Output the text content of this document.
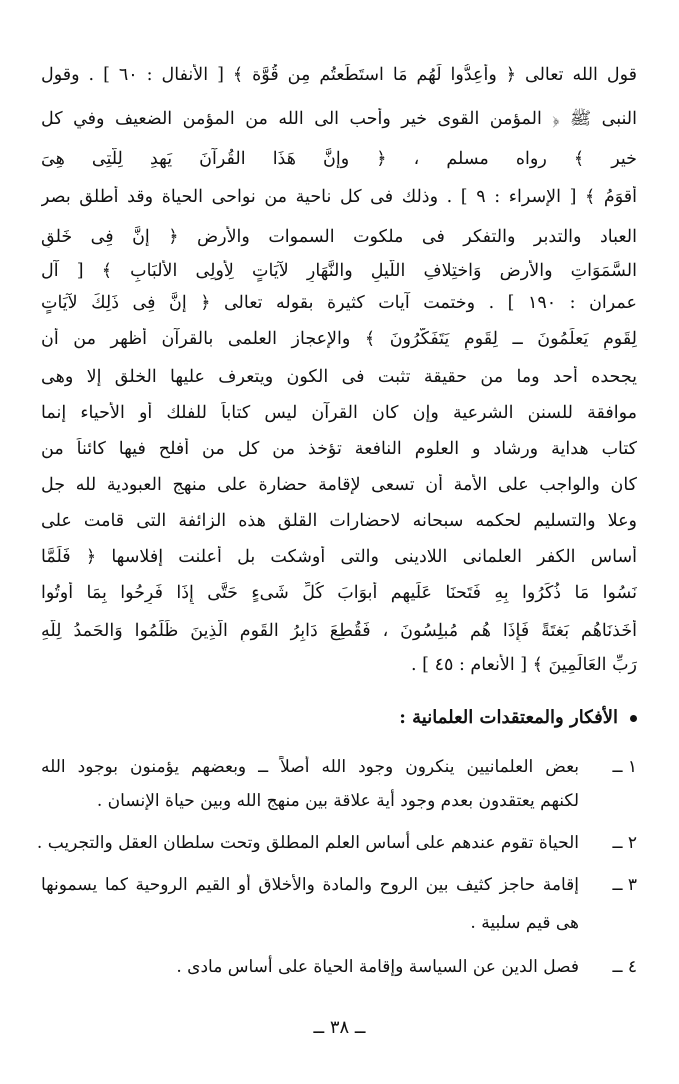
قول الله تعالى ﴿ وأعِدُّوا لَهُم مَا استَطَعتُم مِن قُوَّة ﴾ [ الأنفال : ٦٠ ] . وقول
النبى ﷺ ﴿ المؤمن القوى خير وأحب الى الله من المؤمن الضعيف وفي كل
خير ﴾ رواه مسلم ، ﴿ وإنَّ هَذَا القُرآنَ يَهدِ لِلَّتِى هِىَ
أقوَمُ ﴾ [ الإسراء : ٩ ] . وذلك فى كل ناحية من نواحى الحياة وقد أطلق بصر
العباد والتدبر والتفكر فى ملكوت السموات والأرض ﴿ إنَّ فِى خَلقِ
السَّمَوَاتِ والأرضِ وَاختِلافِ اللَّيلِ والنَّهَارِ لآيَاتٍ لِأُولِى الأَلبَابِ ﴾ [ آل
عمران : ١٩٠ ] . وختمت آيات كثيرة بقوله تعالى ﴿ إنَّ فِى ذَلِكَ لآيَاتٍ
لِقَومٍ يَعلَمُونَ ــ لِقَومٍ يَتَفَكَّرُونَ ﴾ والإعجاز العلمى بالقرآن أظهر من أن
يجحده أحد وما من حقيقة تثبت فى الكون ويتعرف عليها الخلق إلا وهى
موافقة للسنن الشرعية وإن كان القرآن ليس كتاباً للفلك أو الأحياء إنما
كتاب هداية ورشاد و العلوم النافعة تؤخذ من كل من أفلح فيها كائناً من
كان والواجب على الأمة أن تسعى لإقامة حضارة على منهج العبودية لله جل
وعلا والتسليم لحكمه سبحانه لاحضارات القلق هذه الزائفة التى قامت على
أساس الكفر العلمانى اللادينى والتى أوشكت بل أعلنت إفلاسها ﴿ فَلَمَّا
نَسُوا مَا ذُكِّرُوا بِهِ فَتَحنَا عَلَيهِم أَبوَابَ كُلِّ شَىءٍ حَتَّى إِذَا فَرِحُوا بِمَا أُوتُوا
أَخَذنَاهُم بَغتَةً فَإِذَا هُم مُبلِسُونَ ، فَقُطِعَ دَابِرُ القَومِ الَّذِينَ ظَلَمُوا وَالحَمدُ لِلَّهِ
رَبِّ العَالَمِينَ ﴾ [ الأنعام : ٤٥ ] .
الأفكار والمعتقدات العلمانية :
١ ــ
بعض العلمانيين ينكرون وجود الله أصلاً ــ وبعضهم يؤمنون بوجود الله
لكنهم يعتقدون بعدم وجود أية علاقة بين منهج الله وبين حياة الإنسان .
٢ ــ
الحياة تقوم عندهم على أساس العلم المطلق وتحت سلطان العقل والتجريب .
٣ ــ
إقامة حاجز كثيف بين الروح والمادة والأخلاق أو القيم الروحية كما يسمونها
هى قيم سلبية .
٤ ــ
فصل الدين عن السياسة وإقامة الحياة على أساس مادى .
ــ ٣٨ ــ
